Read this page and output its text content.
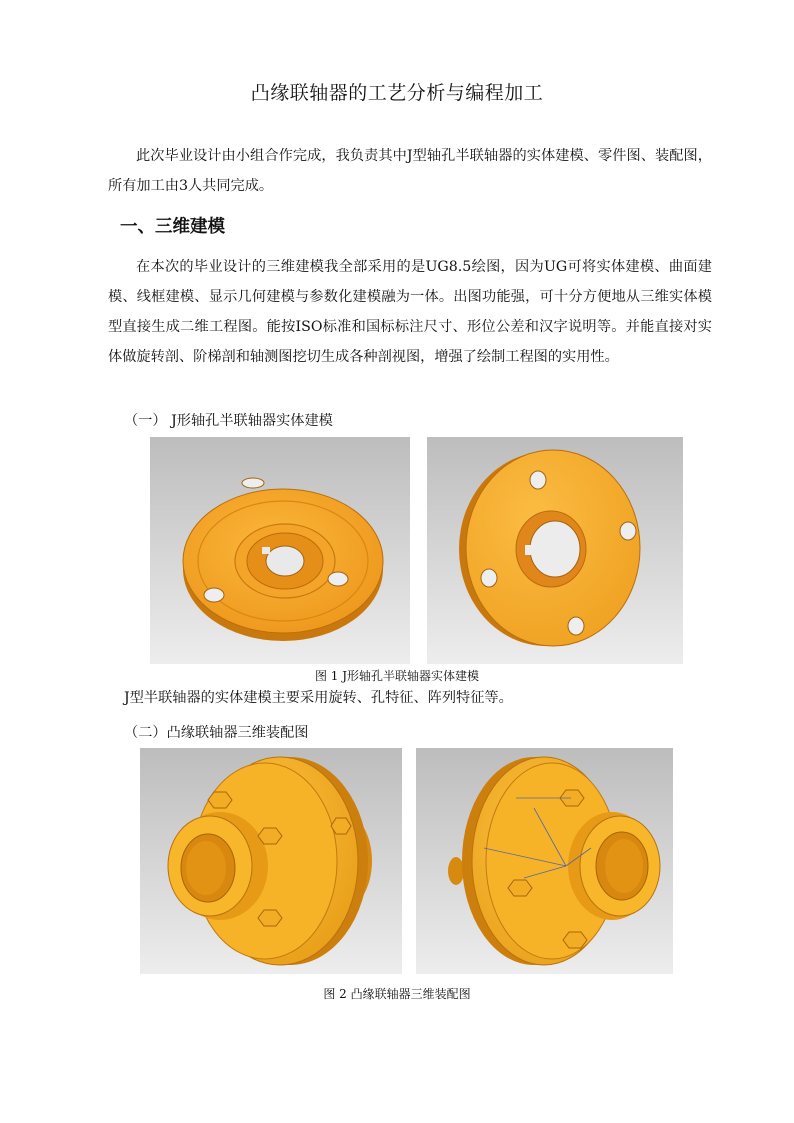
凸缘联轴器的工艺分析与编程加工

此次毕业设计由小组合作完成，我负责其中J型轴孔半联轴器的实体建模、零件图、装配图，所有加工由3人共同完成。

一、三维建模

在本次的毕业设计的三维建模我全部采用的是UG8.5绘图，因为UG可将实体建模、曲面建模、线框建模、显示几何建模与参数化建模融为一体。出图功能强，可十分方便地从三维实体模型直接生成二维工程图。能按ISO标准和国标标注尺寸、形位公差和汉字说明等。并能直接对实体做旋转剖、阶梯剖和轴测图挖切生成各种剖视图，增强了绘制工程图的实用性。

（一） J形轴孔半联轴器实体建模
图 1 J形轴孔半联轴器实体建模
J型半联轴器的实体建模主要采用旋转、孔特征、阵列特征等。
（二）凸缘联轴器三维装配图
图 2 凸缘联轴器三维装配图
